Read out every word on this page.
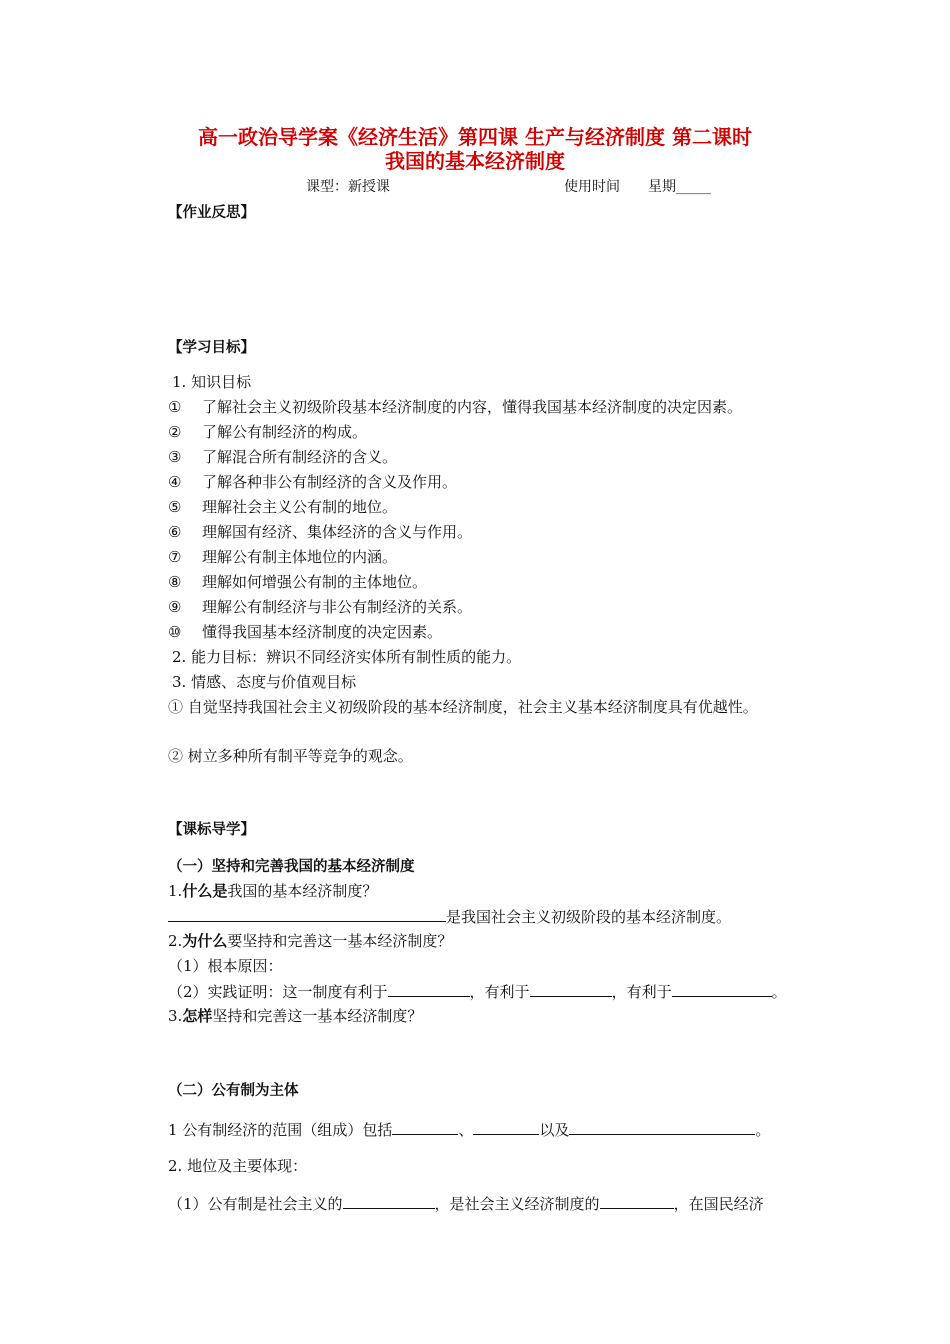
高一政治导学案《经济生活》第四课 生产与经济制度 第二课时
我国的基本经济制度
课型：新授课	使用时间 星期_____
【作业反思】
【学习目标】
1. 知识目标
① 了解社会主义初级阶段基本经济制度的内容，懂得我国基本经济制度的决定因素。
② 了解公有制经济的构成。
③ 了解混合所有制经济的含义。
④ 了解各种非公有制经济的含义及作用。
⑤ 理解社会主义公有制的地位。
⑥ 理解国有经济、集体经济的含义与作用。
⑦ 理解公有制主体地位的内涵。
⑧ 理解如何增强公有制的主体地位。
⑨ 理解公有制经济与非公有制经济的关系。
⑩ 懂得我国基本经济制度的决定因素。
2. 能力目标：辨识不同经济实体所有制性质的能力。
3. 情感、态度与价值观目标
① 自觉坚持我国社会主义初级阶段的基本经济制度，社会主义基本经济制度具有优越性。
② 树立多种所有制平等竞争的观念。
【课标导学】
（一）坚持和完善我国的基本经济制度
1.什么是我国的基本经济制度？
是我国社会主义初级阶段的基本经济制度。
2.为什么要坚持和完善这一基本经济制度？
（1）根本原因：
（2）实践证明：这一制度有利于	，有利于	，有利于	。
3.怎样坚持和完善这一基本经济制度？
（二）公有制为主体
1 公有制经济的范围（组成）包括	、	以及	。
2. 地位及主要体现：
（1）公有制是社会主义的	，是社会主义经济制度的	，在国民经济
